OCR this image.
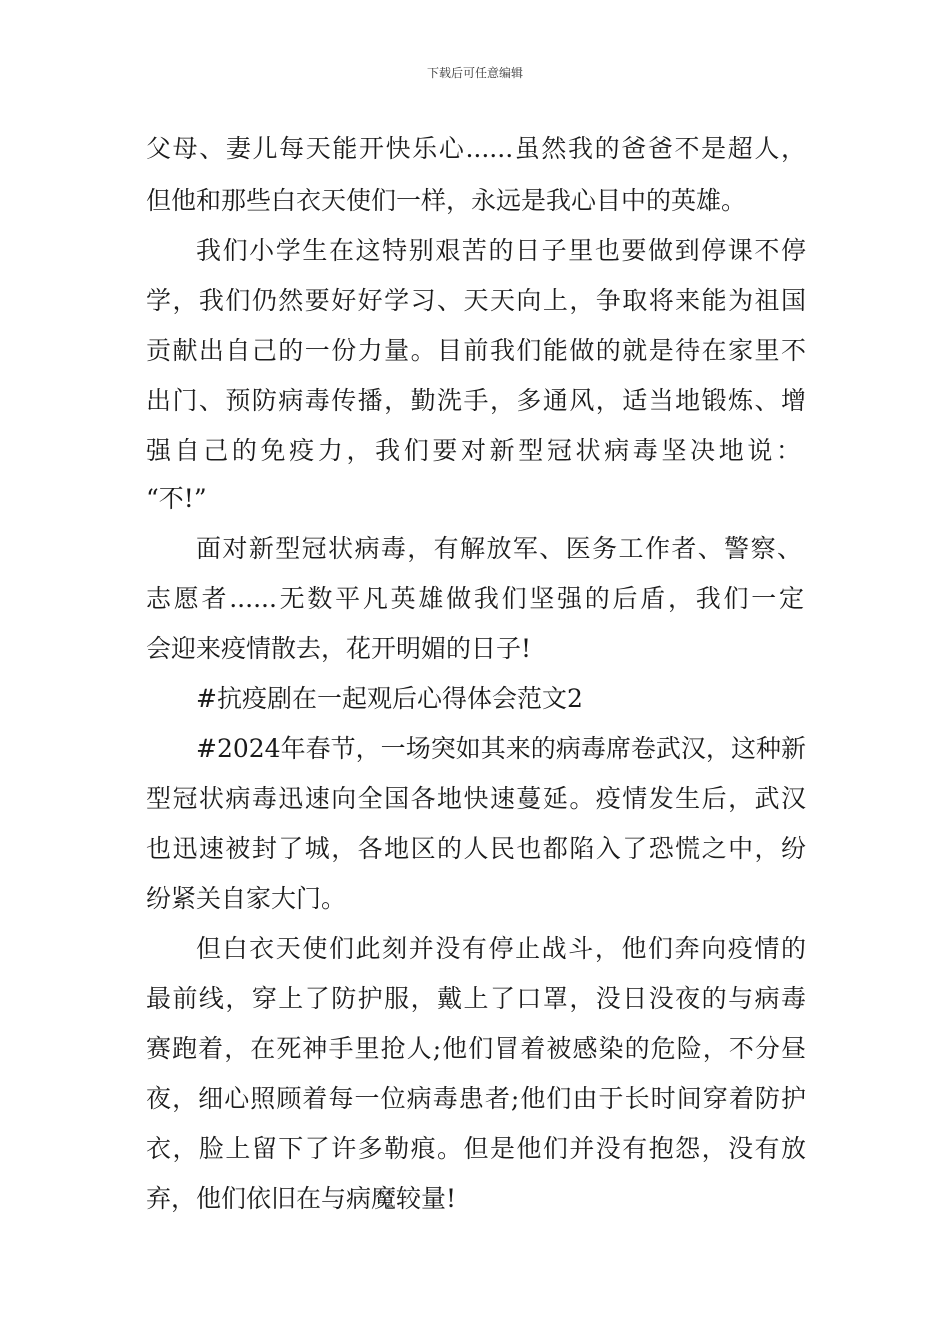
下载后可任意编辑
父母、妻儿每天能开快乐心......虽然我的爸爸不是超人，
但他和那些白衣天使们一样，永远是我心目中的英雄。
我们小学生在这特别艰苦的日子里也要做到停课不停
学，我们仍然要好好学习、天天向上，争取将来能为祖国
贡献出自己的一份力量。目前我们能做的就是待在家里不
出门、预防病毒传播，勤洗手，多通风，适当地锻炼、增
强自己的免疫力，我们要对新型冠状病毒坚决地说：
“不!”
面对新型冠状病毒，有解放军、医务工作者、警察、
志愿者......无数平凡英雄做我们坚强的后盾，我们一定
会迎来疫情散去，花开明媚的日子!
#抗疫剧在一起观后心得体会范文2
#2024年春节，一场突如其来的病毒席卷武汉，这种新
型冠状病毒迅速向全国各地快速蔓延。疫情发生后，武汉
也迅速被封了城，各地区的人民也都陷入了恐慌之中，纷
纷紧关自家大门。
但白衣天使们此刻并没有停止战斗，他们奔向疫情的
最前线，穿上了防护服，戴上了口罩，没日没夜的与病毒
赛跑着，在死神手里抢人;他们冒着被感染的危险，不分昼
夜，细心照顾着每一位病毒患者;他们由于长时间穿着防护
衣，脸上留下了许多勒痕。但是他们并没有抱怨，没有放
弃，他们依旧在与病魔较量!
